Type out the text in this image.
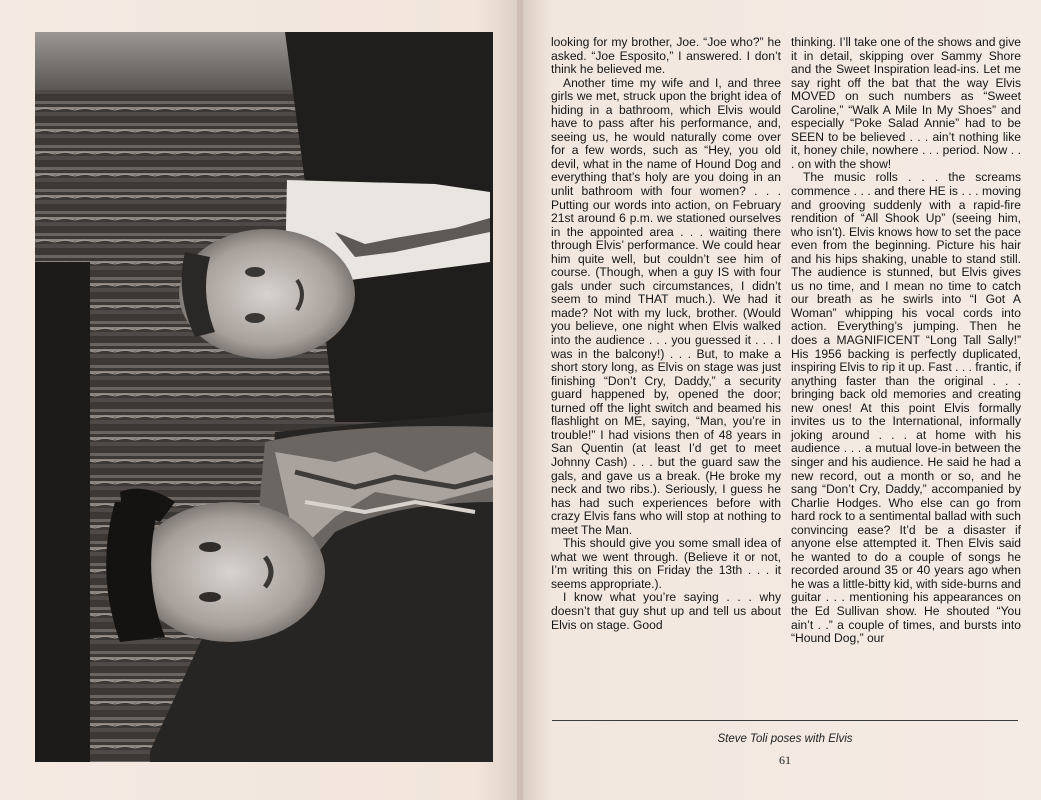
looking for my brother, Joe. “Joe who?” he asked. “Joe Esposito,” I answered. I don’t think he believed me.

Another time my wife and I, and three girls we met, struck upon the bright idea of hiding in a bathroom, which Elvis would have to pass after his performance, and, seeing us, he would naturally come over for a few words, such as “Hey, you old devil, what in the name of Hound Dog and everything that’s holy are you doing in an unlit bathroom with four women? . . . Putting our words into action, on February 21st around 6 p.m. we stationed ourselves in the appointed area . . . waiting there through Elvis’ performance. We could hear him quite well, but couldn’t see him of course. (Though, when a guy IS with four gals under such circumstances, I didn’t seem to mind THAT much.). We had it made? Not with my luck, brother. (Would you believe, one night when Elvis walked into the audience . . . you guessed it . . . I was in the balcony!) . . . But, to make a short story long, as Elvis on stage was just finishing “Don’t Cry, Daddy,” a security guard happened by, opened the door; turned off the light switch and beamed his flashlight on ME, saying, “Man, you’re in trouble!” I had visions then of 48 years in San Quentin (at least I’d get to meet Johnny Cash) . . . but the guard saw the gals, and gave us a break. (He broke my neck and two ribs.). Seriously, I guess he has had such experiences before with crazy Elvis fans who will stop at nothing to meet The Man.

This should give you some small idea of what we went through. (Believe it or not, I’m writing this on Friday the 13th . . . it seems appropriate.).

I know what you’re saying . . . why doesn’t that guy shut up and tell us about Elvis on stage. Good

thinking. I’ll take one of the shows and give it in detail, skipping over Sammy Shore and the Sweet Inspiration lead-ins. Let me say right off the bat that the way Elvis MOVED on such numbers as “Sweet Caroline,” “Walk A Mile In My Shoes” and especially “Poke Salad Annie” had to be SEEN to be believed . . . ain’t nothing like it, honey chile, nowhere . . . period. Now . . . on with the show!

The music rolls . . . the screams commence . . . and there HE is . . . moving and grooving suddenly with a rapid-fire rendition of “All Shook Up” (seeing him, who isn’t). Elvis knows how to set the pace even from the beginning. Picture his hair and his hips shaking, unable to stand still. The audience is stunned, but Elvis gives us no time, and I mean no time to catch our breath as he swirls into “I Got A Woman” whipping his vocal cords into action. Everything’s jumping. Then he does a MAGNIFICENT “Long Tall Sally!” His 1956 backing is perfectly duplicated, inspiring Elvis to rip it up. Fast . . . frantic, if anything faster than the original . . . bringing back old memories and creating new ones! At this point Elvis formally invites us to the International, informally joking around . . . at home with his audience . . . a mutual love-in between the singer and his audience. He said he had a new record, out a month or so, and he sang “Don’t Cry, Daddy,” accompanied by Charlie Hodges. Who else can go from hard rock to a sentimental ballad with such convincing ease? It’d be a disaster if anyone else attempted it. Then Elvis said he wanted to do a couple of songs he recorded around 35 or 40 years ago when he was a little-bitty kid, with side-burns and guitar . . . mentioning his appearances on the Ed Sullivan show. He shouted “You ain’t . .” a couple of times, and bursts into “Hound Dog,” our

Steve Toli poses with Elvis
61
